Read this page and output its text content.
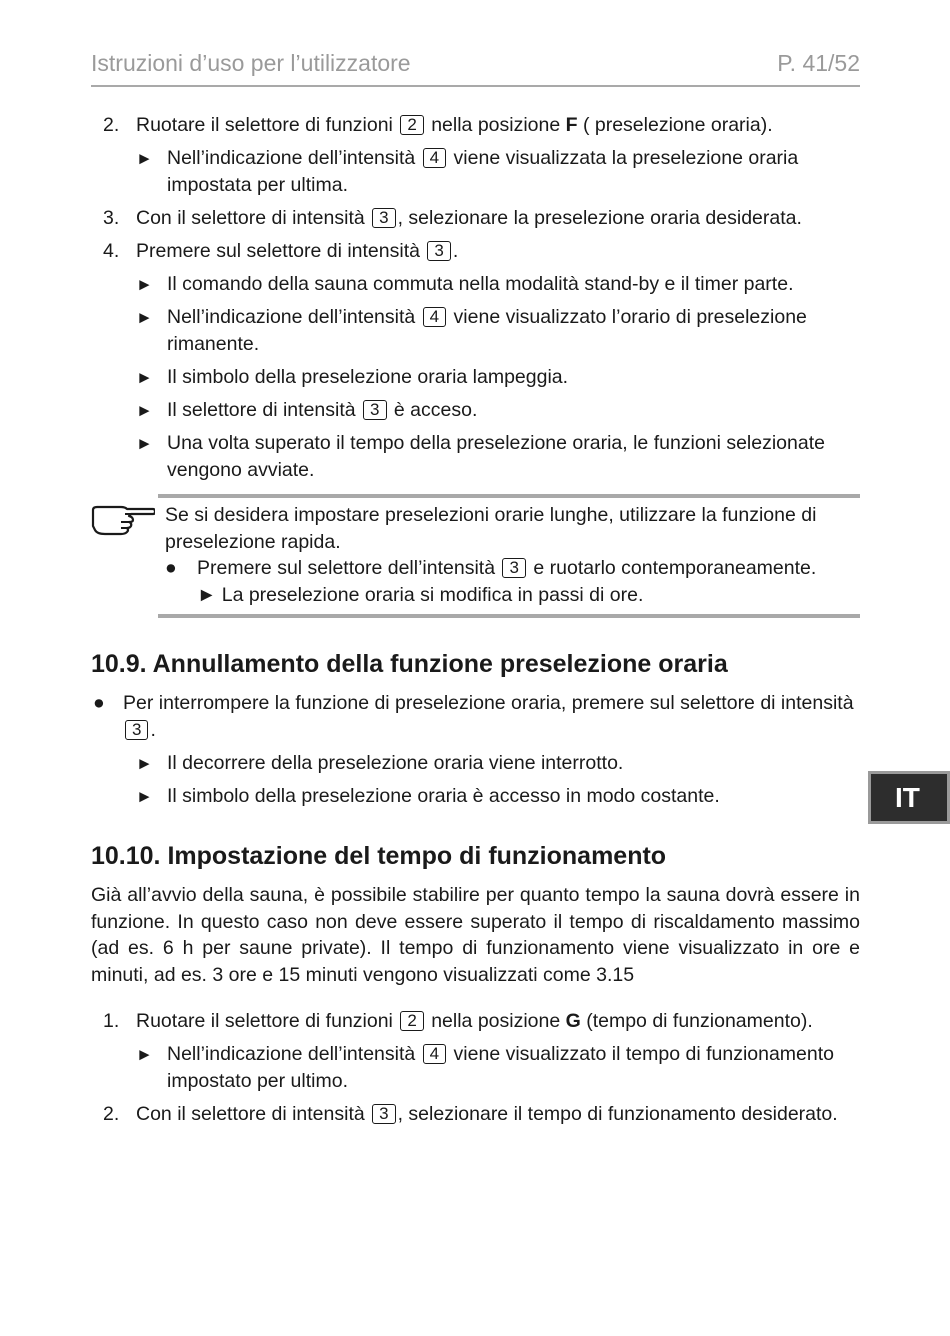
Istruzioni d’uso per l’utilizzatore	P. 41/52
IT
2. Ruotare il selettore di funzioni 2 nella posizione F ( preselezione oraria).
► Nell’indicazione dell’intensità 4 viene visualizzata la preselezione oraria impostata per ultima.
3. Con il selettore di intensità 3 , selezionare la preselezione oraria desiderata.
4. Premere sul selettore di intensità 3 .
► Il comando della sauna commuta nella modalità stand-by e il timer parte.
► Nell’indicazione dell’intensità 4 viene visualizzato l’orario di preselezione rimanente.
► Il simbolo della preselezione oraria lampeggia.
► Il selettore di intensità 3 è acceso.
► Una volta superato il tempo della preselezione oraria, le funzioni selezionate vengono avviate.
Se si desidera impostare preselezioni orarie lunghe, utilizzare la funzione di preselezione rapida.
● Premere sul selettore dell’intensità 3 e ruotarlo contemporaneamente.
► La preselezione oraria si modifica in passi di ore.
10.9. Annullamento della funzione preselezione oraria
● Per interrompere la funzione di preselezione oraria, premere sul selettore di intensità 3 .
► Il decorrere della preselezione oraria viene interrotto.
► Il simbolo della preselezione oraria è accesso in modo costante.
10.10. Impostazione del tempo di funzionamento
Già all’avvio della sauna, è possibile stabilire per quanto tempo la sauna dovrà essere in funzione. In questo caso non deve essere superato il tempo di riscaldamento massimo (ad es. 6 h per saune private). Il tempo di funzionamento viene visualizzato in ore e minuti, ad es. 3 ore e 15 minuti vengono visualizzati come 3.15
1. Ruotare il selettore di funzioni 2 nella posizione G (tempo di funzionamento).
► Nell’indicazione dell’intensità 4 viene visualizzato il tempo di funzionamento impostato per ultimo.
2. Con il selettore di intensità 3 , selezionare il tempo di funzionamento desiderato.
